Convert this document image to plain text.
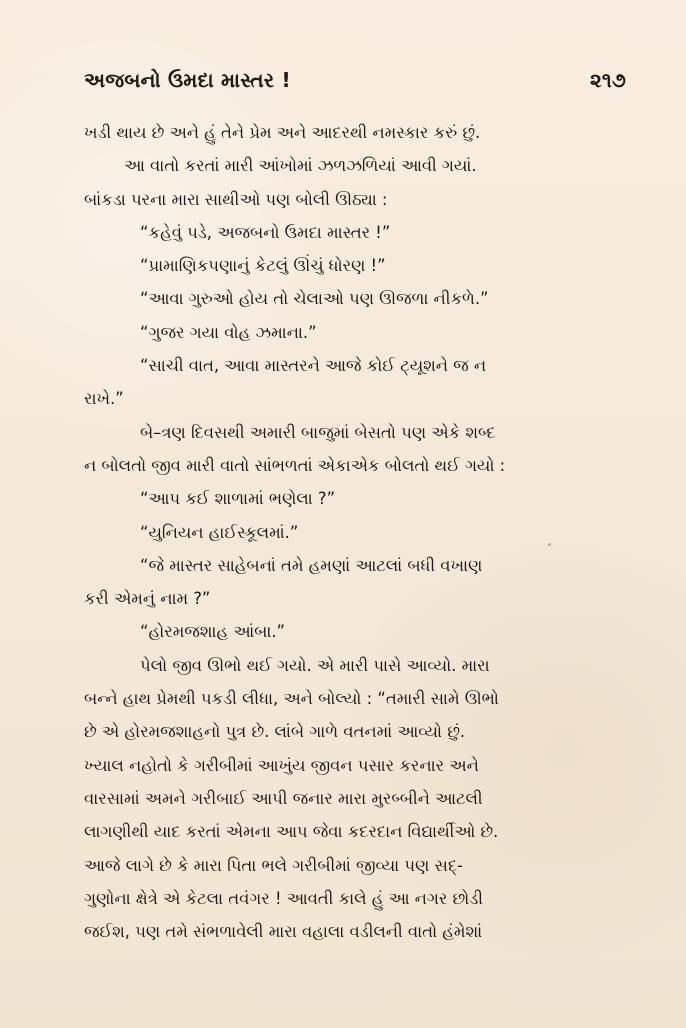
અજબનો ઉમદા માસ્તર !	૨૧૭
ખડી થાય છે અને હું તેને પ્રેમ અને આદરથી નમસ્કાર કરું છું.
આ વાતો કરતાં મારી આંખોમાં ઝળઝળિયાં આવી ગયાં.
બાંકડા પરના મારા સાથીઓ પણ બોલી ઊઠ્યા :
“કહેવું પડે, અજબનો ઉમદા માસ્તર !”
“પ્રામાણિકપણાનું કેટલું ઊંચું ધોરણ !”
“આવા ગુરુઓ હોય તો ચેલાઓ પણ ઊજળા નીકળે.”
“ગુજર ગયા વોહ ઝમાના.”
“સાચી વાત, આવા માસ્તરને આજે કોઈ ટ્યૂશને જ ન
રાખે.”
બે–ત્રણ દિવસથી અમારી બાજુમાં બેસતો પણ એકે શબ્દ
ન બોલતો જીવ મારી વાતો સાંભળતાં એકાએક બોલતો થઈ ગયો :
“આપ કઈ શાળામાં ભણેલા ?”
“યુનિયન હાઈસ્કૂલમાં.”
“જે માસ્તર સાહેબનાં તમે હમણાં આટલાં બધી વખાણ
કરી એમનું નામ ?”
“હોરમજશાહ આંબા.”
પેલો જીવ ઊભો થઈ ગયો. એ મારી પાસે આવ્યો. મારા
બન્ને હાથ પ્રેમથી પકડી લીધા, અને બોલ્યો : “તમારી સામે ઊભો
છે એ હોરમજશાહનો પુત્ર છે. લાંબે ગાળે વતનમાં આવ્યો છું.
ખ્યાલ નહોતો કે ગરીબીમાં આખુંય જીવન પસાર કરનાર અને
વારસામાં અમને ગરીબાઈ આપી જનાર મારા મુરબ્બીને આટલી
લાગણીથી યાદ કરતાં એમના આપ જેવા કદરદાન વિદ્યાર્થીઓ છે.
આજે લાગે છે કે મારા પિતા ભલે ગરીબીમાં જીવ્યા પણ સદ્-
ગુણોના ક્ષેત્રે એ કેટલા તવંગર ! આવતી કાલે હું આ નગર છોડી
જઈશ, પણ તમે સંભળાવેલી મારા વહાલા વડીલની વાતો હંમેશાં
